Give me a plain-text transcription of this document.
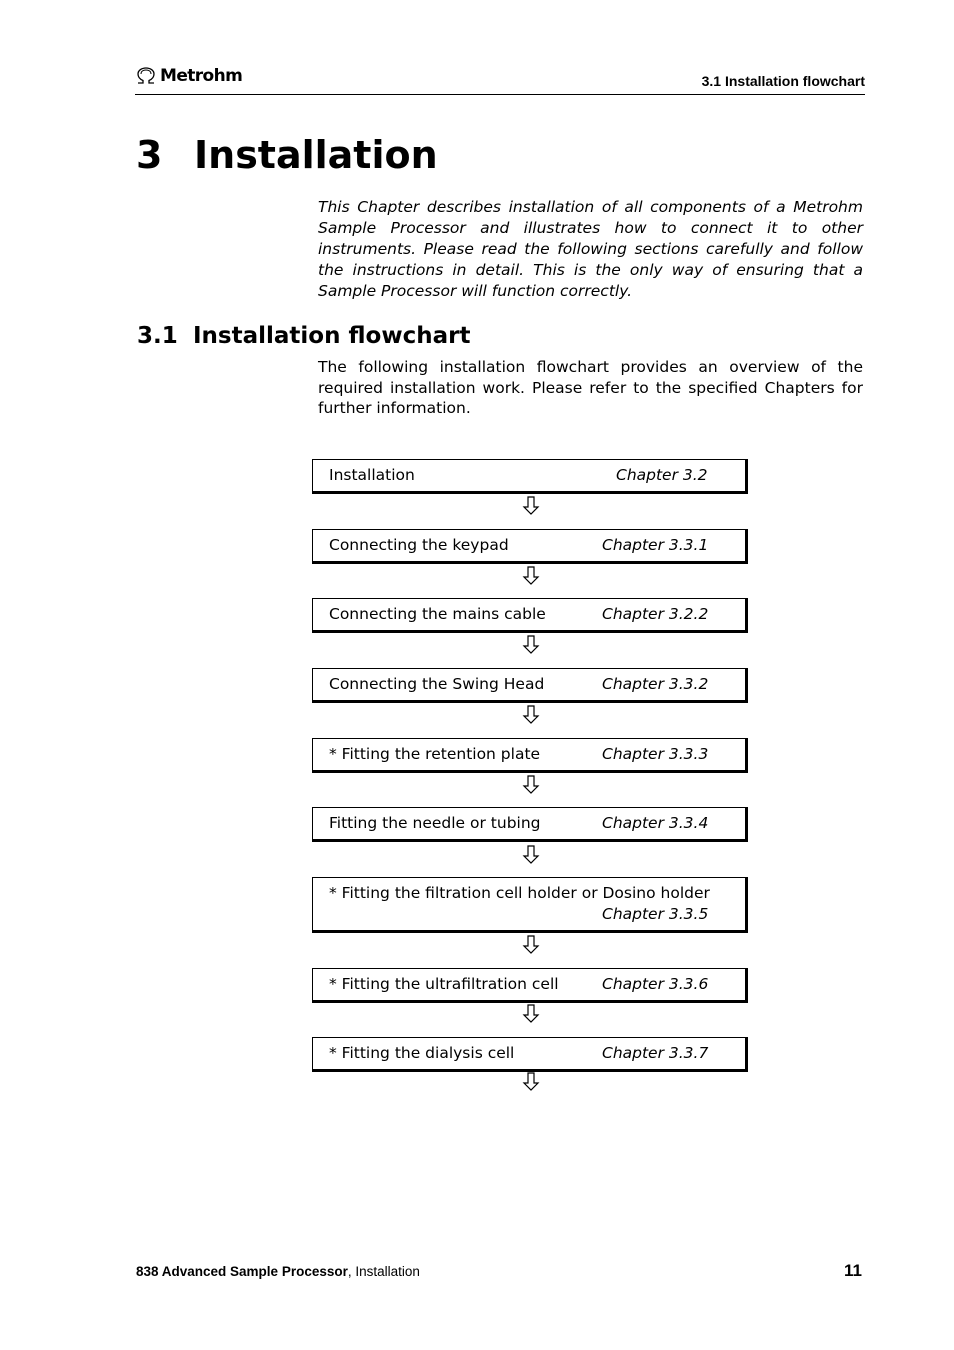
Metrohm	3.1 Installation flowchart
3 Installation

This Chapter describes installation of all components of a Metrohm Sample Processor and illustrates how to connect it to other instruments. Please read the following sections carefully and follow the instructions in detail. This is the only way of ensuring that a Sample Processor will function correctly.

3.1 Installation flowchart

The following installation flowchart provides an overview of the required installation work. Please refer to the specified Chapters for further information.

Installation	Chapter 3.2
Connecting the keypad	Chapter 3.3.1
Connecting the mains cable	Chapter 3.2.2
Connecting the Swing Head	Chapter 3.3.2
* Fitting the retention plate	Chapter 3.3.3
Fitting the needle or tubing	Chapter 3.3.4
* Fitting the filtration cell holder or Dosino holder
Chapter 3.3.5
* Fitting the ultrafiltration cell	Chapter 3.3.6
* Fitting the dialysis cell	Chapter 3.3.7
838 Advanced Sample Processor, Installation	11
